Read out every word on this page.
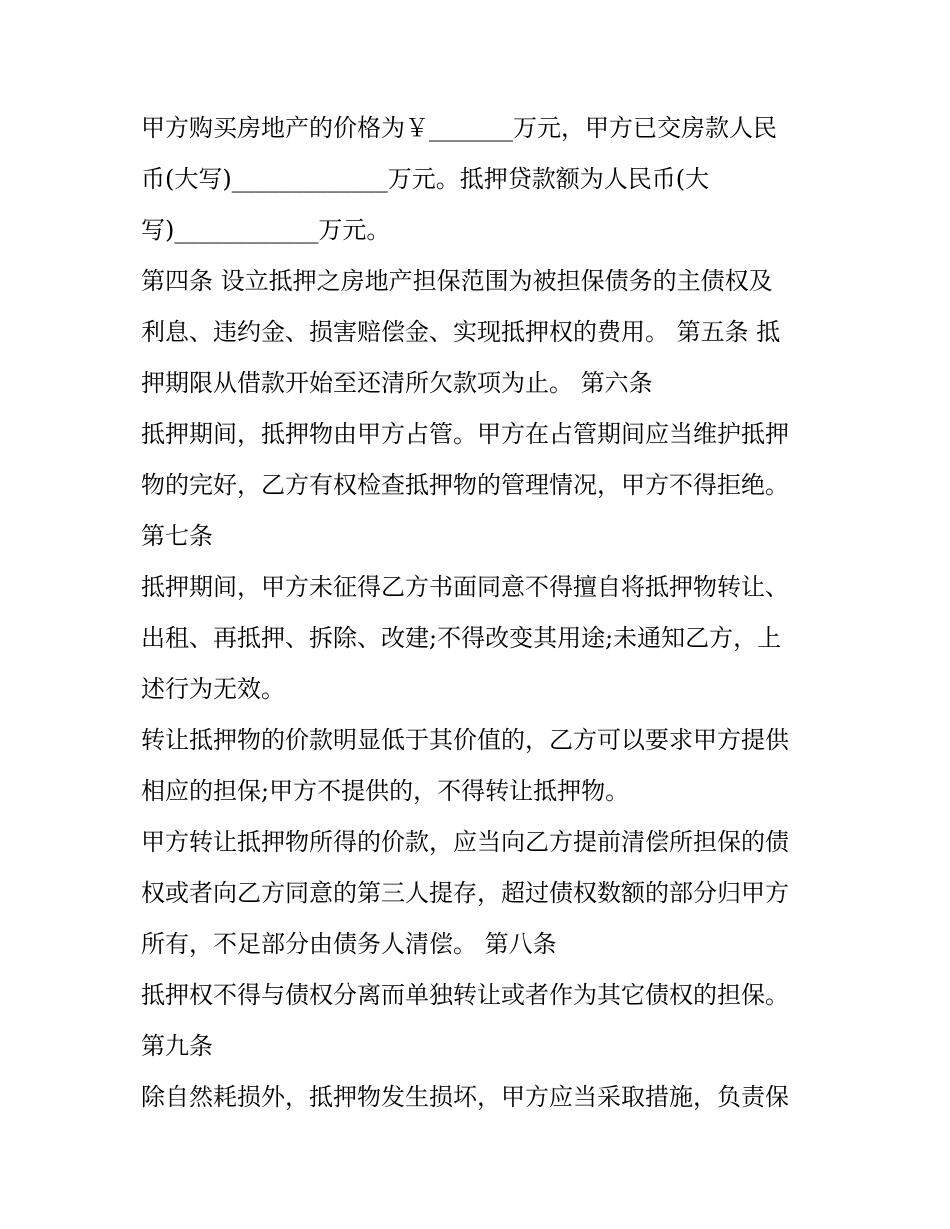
甲方购买房地产的价格为￥_______万元，甲方已交房款人民
币(大写)_____________万元。抵押贷款额为人民币(大
写)____________万元。
第四条 设立抵押之房地产担保范围为被担保债务的主债权及
利息、违约金、损害赔偿金、实现抵押权的费用。 第五条 抵
押期限从借款开始至还清所欠款项为止。 第六条
抵押期间，抵押物由甲方占管。甲方在占管期间应当维护抵押
物的完好，乙方有权检查抵押物的管理情况，甲方不得拒绝。
第七条
抵押期间，甲方未征得乙方书面同意不得擅自将抵押物转让、
出租、再抵押、拆除、改建;不得改变其用途;未通知乙方，上
述行为无效。
转让抵押物的价款明显低于其价值的，乙方可以要求甲方提供
相应的担保;甲方不提供的，不得转让抵押物。
甲方转让抵押物所得的价款，应当向乙方提前清偿所担保的债
权或者向乙方同意的第三人提存，超过债权数额的部分归甲方
所有，不足部分由债务人清偿。 第八条
抵押权不得与债权分离而单独转让或者作为其它债权的担保。
第九条
除自然耗损外，抵押物发生损坏，甲方应当采取措施，负责保
